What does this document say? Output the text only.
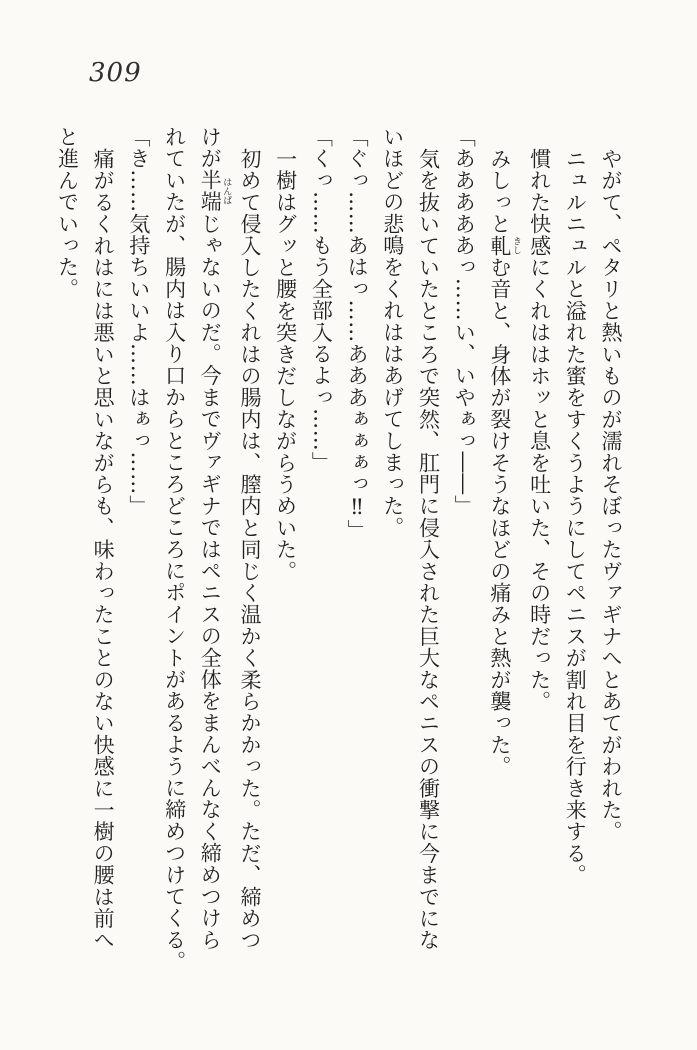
309
やがて、ペタリと熱いものが濡れそぼったヴァギナへとあてがわれた。
ニュルニュルと溢れた蜜をすくうようにしてペニスが割れ目を行き来する。
慣れた快感にくれははホッと息を吐いた、その時だった。
みしっと軋 きしむ音と、身体が裂けそうなほどの痛みと熱が襲った。
「あああああっ……い、いやぁっ――」
気を抜いていたところで突然、肛門に侵入された巨大なペニスの衝撃に今までにな
いほどの悲鳴をくれははあげてしまった。
「ぐっ……あはっ……あああぁぁぁっ‼」
「くっ……もう全部入るよっ……」
一樹はグッと腰を突きだしながらうめいた。
初めて侵入したくれはの腸内は、膣内と同じく温かく柔らかかった。ただ、締めつ
けが半端 はんぱじゃないのだ。今までヴァギナではペニスの全体をまんべんなく締めつけら
れていたが、腸内は入り口からところどころにポイントがあるように締めつけてくる。
「き……気持ちいいよ……はぁっ……」
痛がるくれはには悪いと思いながらも、味わったことのない快感に一樹の腰は前へ
と進んでいった。
